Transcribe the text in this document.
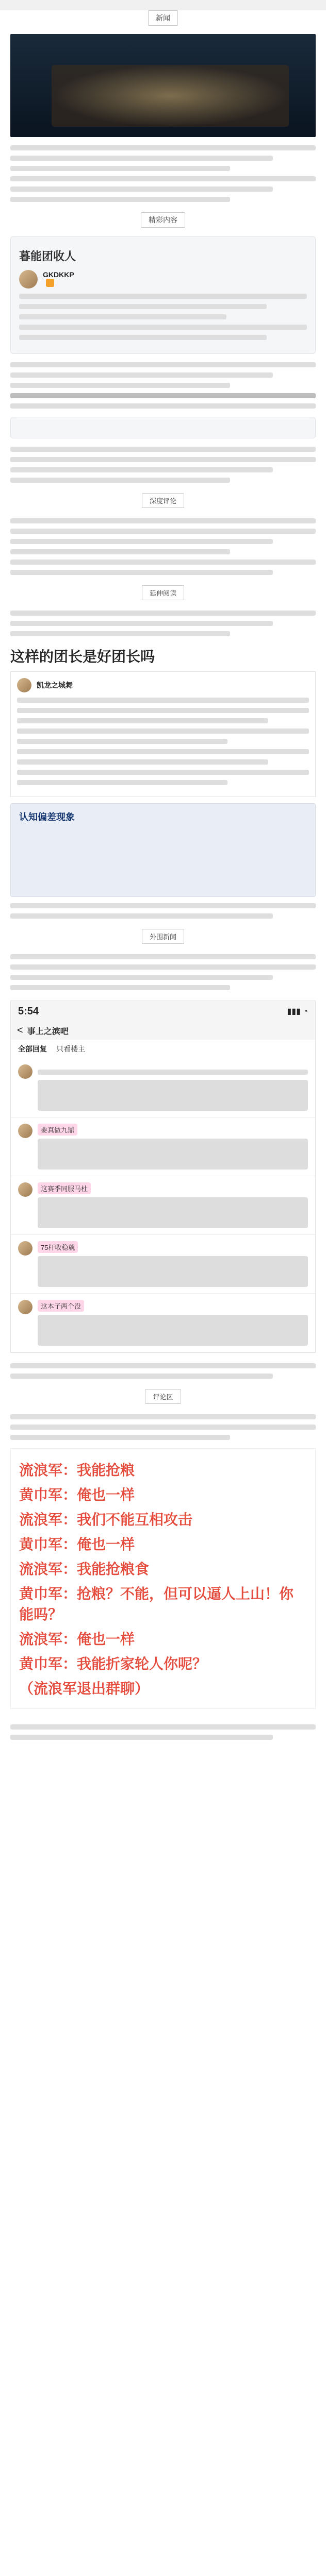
新闻
精彩内容
暮能团收人
GKDKKP
深度评论
延伸阅读
这样的团长是好团长吗
凯龙之城舞
认知偏差现象
外围新闻
5:54	▮▮▮ ◔
< 事上之滨吧
全部回复 只看楼主
要真做九鼎
这赛季同服马杜
75杆收稳就
这本子两个没
评论区
流浪军：我能抢粮
黄巾军：俺也一样
流浪军：我们不能互相攻击
黄巾军：俺也一样
流浪军：我能抢粮食
黄巾军：抢粮？不能，但可以逼人上山！你能吗？
流浪军：俺也一样
黄巾军：我能折家轮人你呢？
（流浪军退出群聊）
